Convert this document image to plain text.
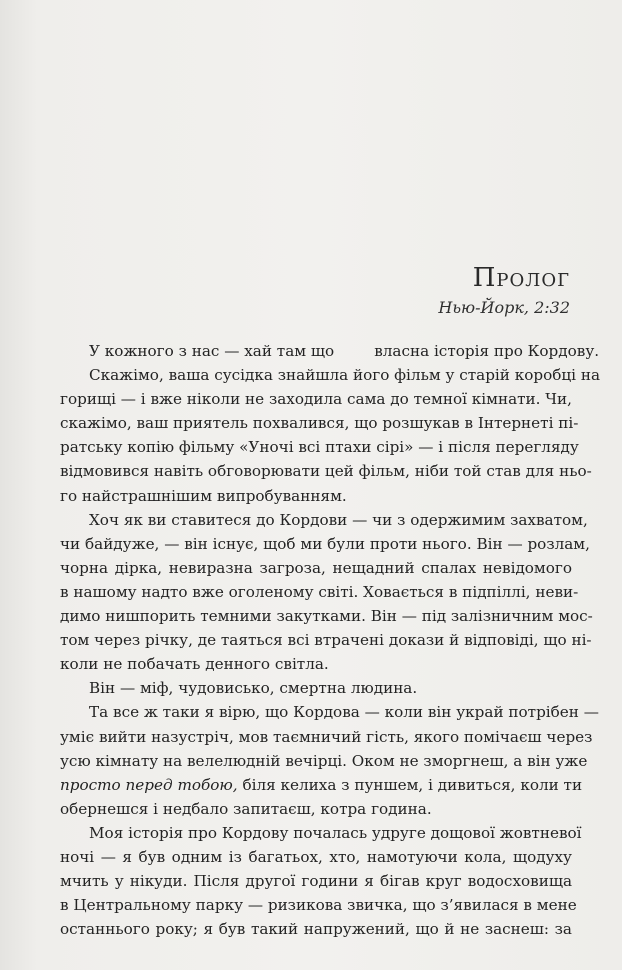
Пролог
Нью-Йорк, 2:32
У кожного з нас — хай там що	власна історія про Кордову.
Скажімо, ваша сусідка знайшла його фільм у старій коробці на
горищі — і вже ніколи не заходила сама до темної кімнати. Чи,
скажімо, ваш приятель похвалився, що розшукав в Інтернеті пі-
ратську копію фільму «Уночі всі птахи сірі» — і після перегляду
відмовився навіть обговорювати цей фільм, ніби той став для ньо-
го найстрашнішим випробуванням.
Хоч як ви ставитеся до Кордови — чи з одержимим захватом,
чи байдуже, — він існує, щоб ми були проти нього. Він — розлам,
чорна дірка, невиразна загроза, нещадний спалах невідомого
в нашому надто вже оголеному світі. Ховається в підпіллі, неви-
димо нишпорить темними закутками. Він — під залізничним мос-
том через річку, де таяться всі втрачені докази й відповіді, що ні-
коли не побачать денного світла.
Він — міф, чудовисько, смертна людина.
Та все ж таки я вірю, що Кордова — коли він украй потрібен —
уміє вийти назустріч, мов таємничий гість, якого помічаєш через
усю кімнату на велелюдній вечірці. Оком не зморгнеш, а він уже
просто перед тобою, біля келиха з пуншем, і дивиться, коли ти
обернешся і недбало запитаєш, котра година.
Моя історія про Кордову почалась удруге дощової жовтневої
ночі — я був одним із багатьох, хто, намотуючи кола, щодуху
мчить у нікуди. Після другої години я бігав круг водосховища
в Центральному парку — ризикова звичка, що з’явилася в мене
останнього року; я був такий напружений, що й не заснеш: за
